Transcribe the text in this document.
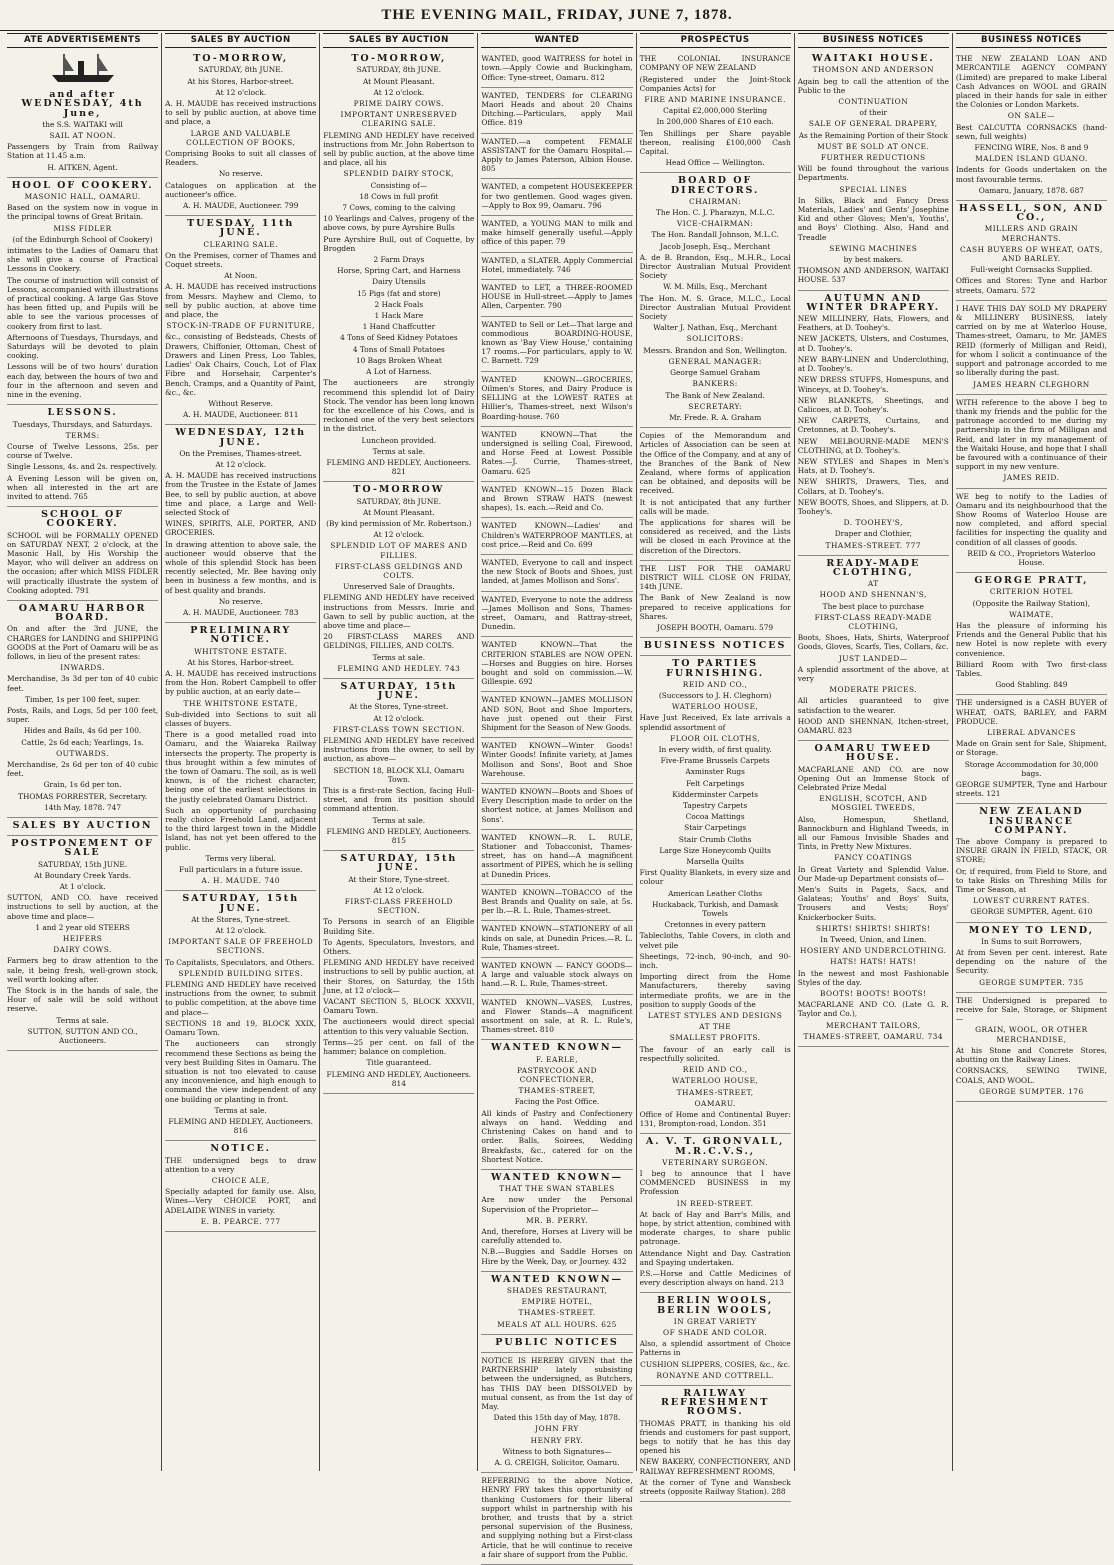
THE EVENING MAIL, FRIDAY, JUNE 7, 1878.
ATE ADVERTISEMENTS

and after WEDNESDAY, 4th June,

the S.S. WAITAKI will

SAIL AT NOON.

Passengers by Train from Railway Station at 11.45 a.m.

H. AITKEN, Agent.

HOOL OF COOKERY.

MASONIC HALL, OAMARU.

Based on the system now in vogue in the principal towns of Great Britain.

MISS FIDLER

(of the Edinburgh School of Cookery)

intimates to the Ladies of Oamaru that she will give a course of Practical Lessons in Cookery.

The course of instruction will consist of Lessons, accompanied with illustrations of practical cooking. A large Gas Stove has been fitted up, and Pupils will be able to see the various processes of cookery from first to last.

Afternoons of Tuesdays, Thursdays, and Saturdays will be devoted to plain cooking.

Lessons will be of two hours' duration each day, between the hours of two and four in the afternoon and seven and nine in the evening.

LESSONS.

Tuesdays, Thursdays, and Saturdays.

TERMS:

Course of Twelve Lessons, 25s. per course of Twelve.

Single Lessons, 4s. and 2s. respectively.

A Evening Lesson will be given on, when all interested in the art are invited to attend. 765

SCHOOL OF COOKERY.

SCHOOL will be FORMALLY OPENED on SATURDAY NEXT, 2 o'clock, at the Masonic Hall, by His Worship the Mayor, who will deliver an address on the occasion; after which MISS FIDLER will practically illustrate the system of Cooking adopted. 791

OAMARU HARBOR BOARD.

On and after the 3rd JUNE, the CHARGES for LANDING and SHIPPING GOODS at the Port of Oamaru will be as follows, in lieu of the present rates:

INWARDS.

Merchandise, 3s 3d per ton of 40 cubic feet.

Timber, 1s per 100 feet, super.

Posts, Rails, and Logs, 5d per 100 feet, super.

Hides and Bails, 4s 6d per 100.

Cattle, 2s 6d each; Yearlings, 1s.

OUTWARDS.

Merchandise, 2s 6d per ton of 40 cubic feet.

Grain, 1s 6d per ton.

THOMAS FORRESTER, Secretary.

14th May, 1878. 747

SALES BY AUCTION

POSTPONEMENT OF SALE

SATURDAY, 15th JUNE.

At Boundary Creek Yards.

At 1 o'clock.

SUTTON, AND CO. have received instructions to sell by auction, at the above time and place—

1 and 2 year old STEERS

HEIFERS

DAIRY COWS.

Farmers beg to draw attention to the sale, it being fresh, well-grown stock, well worth looking after.

The Stock is in the hands of sale, the Hour of sale will be sold without reserve.

Terms at sale.

SUTTON, SUTTON AND CO., Auctioneers.

SALES BY AUCTION

TO-MORROW,

SATURDAY, 8th JUNE.

At his Stores, Harbor-street.

At 12 o'clock.

A. H. MAUDE has received instructions to sell by public auction, at above time and place, a

LARGE AND VALUABLE COLLECTION OF BOOKS,

Comprising Books to suit all classes of Readers.

No reserve.

Catalogues on application at the auctioneer's office.

A. H. MAUDE, Auctioneer. 799

TUESDAY, 11th JUNE.

CLEARING SALE.

On the Premises, corner of Thames and Coquet streets.

At Noon.

A. H. MAUDE has received instructions from Messrs. Mayhew and Clemo, to sell by public auction, at above time and place, the

STOCK-IN-TRADE OF FURNITURE,

&c., consisting of Bedsteads, Chests of Drawers, Chiffonier, Ottoman, Chest of Drawers and Linen Press, Loo Tables, Ladies' Oak Chairs, Couch, Lot of Flax Fibre and Horsehair, Carpenter's Bench, Cramps, and a Quantity of Paint, &c., &c.

Without Reserve.

A. H. MAUDE, Auctioneer. 811

WEDNESDAY, 12th JUNE.

On the Premises, Thames-street.

At 12 o'clock.

A. H. MAUDE has received instructions from the Trustee in the Estate of James Bee, to sell by public auction, at above time and place, a Large and Well-selected Stock of

WINES, SPIRITS, ALE, PORTER, AND GROCERIES.

In drawing attention to above sale, the auctioneer would observe that the whole of this splendid Stock has been recently selected, Mr. Bee having only been in business a few months, and is of best quality and brands.

No reserve.

A. H. MAUDE, Auctioneer. 783

PRELIMINARY NOTICE.

WHITSTONE ESTATE.

At his Stores, Harbor-street.

A. H. MAUDE has received instructions from the Hon. Robert Campbell to offer by public auction, at an early date—

THE WHITSTONE ESTATE,

Sub-divided into Sections to suit all classes of buyers.

There is a good metalled road into Oamaru, and the Waiareka Railway intersects the property. The property is thus brought within a few minutes of the town of Oamaru. The soil, as is well known, is of the richest character, being one of the earliest selections in the justly celebrated Oamaru District.

Such an opportunity of purchasing really choice Freehold Land, adjacent to the third largest town in the Middle Island, has not yet been offered to the public.

Terms very liberal.

Full particulars in a future issue.

A. H. MAUDE. 740

SATURDAY, 15th JUNE.

At the Stores, Tyne-street.

At 12 o'clock.

IMPORTANT SALE OF FREEHOLD SECTIONS.

To Capitalists, Speculators, and Others.

SPLENDID BUILDING SITES.

FLEMING AND HEDLEY have received instructions from the owner, to submit to public competition, at the above time and place—

SECTIONS 18 and 19, BLOCK XXIX, Oamaru Town.

The auctioneers can strongly recommend these Sections as being the very best Building Sites in Oamaru. The situation is not too elevated to cause any inconvenience, and high enough to command the view independent of any one building or planting in front.

Terms at sale.

FLEMING AND HEDLEY, Auctioneers. 816

NOTICE.

THE undersigned begs to draw attention to a very

CHOICE ALE,

Specially adapted for family use. Also, Wines—Very CHOICE PORT, and ADELAIDE WINES in variety.

E. B. PEARCE. 777

SALES BY AUCTION

TO-MORROW,

SATURDAY, 8th JUNE.

At Mount Pleasant.

At 12 o'clock.

PRIME DAIRY COWS.

IMPORTANT UNRESERVED CLEARING SALE.

FLEMING AND HEDLEY have received instructions from Mr. John Robertson to sell by public auction, at the above time and place, all his

SPLENDID DAIRY STOCK,

Consisting of—

18 Cows in full profit

7 Cows, coming to the calving

10 Yearlings and Calves, progeny of the above cows, by pure Ayrshire Bulls

Pure Ayrshire Bull, out of Coquette, by Brogden

2 Farm Drays

Horse, Spring Cart, and Harness

Dairy Utensils

15 Pigs (fat and store)

2 Hack Foals

1 Hack Mare

1 Hand Chaffcutter

4 Tons of Seed Kidney Potatoes

4 Tons of Small Potatoes

10 Bags Broken Wheat

A Lot of Harness.

The auctioneers are strongly recommend this splendid lot of Dairy Stock. The vendor has been long known for the excellence of his Cows, and is reckoned one of the very best selectors in the district.

Luncheon provided.

Terms at sale.

FLEMING AND HEDLEY, Auctioneers. 821

TO-MORROW

SATURDAY, 8th JUNE.

At Mount Pleasant.

(By kind permission of Mr. Robertson.)

At 12 o'clock.

SPLENDID LOT OF MARES AND FILLIES.

FIRST-CLASS GELDINGS AND COLTS.

Unreserved Sale of Draughts.

FLEMING AND HEDLEY have received instructions from Messrs. Imrie and Gawn to sell by public auction, at the above time and place—

20 FIRST-CLASS MARES AND GELDINGS, FILLIES, AND COLTS.

Terms at sale.

FLEMING AND HEDLEY. 743

SATURDAY, 15th JUNE.

At the Stores, Tyne-street.

At 12 o'clock.

FIRST-CLASS TOWN SECTION.

FLEMING AND HEDLEY have received instructions from the owner, to sell by auction, as above—

SECTION 18, BLOCK XLI, Oamaru Town.

This is a first-rate Section, facing Hull-street, and from its position should command attention.

Terms at sale.

FLEMING AND HEDLEY, Auctioneers. 815

SATURDAY, 15th JUNE.

At their Store, Tyne-street.

At 12 o'clock.

FIRST-CLASS FREEHOLD SECTION.

To Persons in search of an Eligible Building Site.

To Agents, Speculators, Investors, and Others.

FLEMING AND HEDLEY have received instructions to sell by public auction, at their Stores, on Saturday, the 15th June, at 12 o'clock—

VACANT SECTION 5, BLOCK XXXVII, Oamaru Town.

The auctioneers would direct special attention to this very valuable Section.

Terms—25 per cent. on fall of the hammer; balance on completion.

Title guaranteed.

FLEMING AND HEDLEY, Auctioneers. 814

WANTED

WANTED, good WAITRESS for hotel in town.—Apply Cowie and Buckingham, Office: Tyne-street, Oamaru. 812

WANTED, TENDERS for CLEARING Maori Heads and about 20 Chains Ditching.—Particulars, apply Mail Office. 819

WANTED.—a competent FEMALE ASSISTANT for the Oamaru Hospital.—Apply to James Paterson, Albion House. 805

WANTED, a competent HOUSEKEEPER for two gentlemen. Good wages given.—Apply to Box 99, Oamaru. 796

WANTED, a YOUNG MAN to milk and make himself generally useful.—Apply office of this paper. 79

WANTED, a SLATER. Apply Commercial Hotel, immediately. 746

WANTED to LET, a THREE-ROOMED HOUSE in Hull-street.—Apply to James Allen, Carpenter. 790

WANTED to Sell or Let—That large and commodious BOARDING-HOUSE, known as 'Bay View House,' containing 17 rooms.—For particulars, apply to W. C. Barnett. 729

WANTED KNOWN—GROCERIES, Oilmen's Stores, and Dairy Produce is SELLING at the LOWEST RATES at Hillier's, Thames-street, next Wilson's Boarding-house. 760

WANTED KNOWN—That the undersigned is selling Coal, Firewood, and Horse Feed at Lowest Possible Rates.—J. Currie, Thames-street, Oamaru. 625

WANTED KNOWN—15 Dozen Black and Brown STRAW HATS (newest shapes), 1s. each.—Reid and Co.

WANTED KNOWN—Ladies' and Children's WATERPROOF MANTLES, at cost price.—Reid and Co. 699

WANTED, Everyone to call and inspect the new Stock of Boots and Shoes, just landed, at James Mollison and Sons'.

WANTED, Everyone to note the address—James Mollison and Sons, Thames-street, Oamaru, and Rattray-street, Dunedin.

WANTED KNOWN—That the CRITERION STABLES are NOW OPEN.—Horses and Buggies on hire. Horses bought and sold on commission.—W. Gillespie. 692

WANTED KNOWN—JAMES MOLLISON AND SON, Boot and Shoe Importers, have just opened out their First Shipment for the Season of New Goods.

WANTED KNOWN—Winter Goods! Winter Goods! Infinite variety, at James Mollison and Sons', Boot and Shoe Warehouse.

WANTED KNOWN—Boots and Shoes of Every Description made to order on the shortest notice, at James Mollison and Sons'.

WANTED KNOWN—R. L. RULE, Stationer and Tobacconist, Thames-street, has on hand—A magnificent assortment of PIPES, which he is selling at Dunedin Prices.

WANTED KNOWN—TOBACCO of the Best Brands and Quality on sale, at 5s. per lb.—R. L. Rule, Thames-street.

WANTED KNOWN—STATIONERY of all kinds on sale, at Dunedin Prices.—R. L. Rule, Thames-street.

WANTED KNOWN — FANCY GOODS—A large and valuable stock always on hand.—R. L. Rule, Thames-street.

WANTED KNOWN—VASES, Lustres, and Flower Stands—A magnificent assortment on sale, at R. L. Rule's, Thames-street. 810

WANTED KNOWN—

F. EARLE,

PASTRYCOOK AND CONFECTIONER,

THAMES-STREET,

Facing the Post Office.

All kinds of Pastry and Confectionery always on hand. Wedding and Christening Cakes on hand and to order. Balls, Soirees, Wedding Breakfasts, &c., catered for on the Shortest Notice.

WANTED KNOWN—

THAT THE SWAN STABLES

Are now under the Personal Supervision of the Proprietor—

MR. B. PERRY.

And, therefore, Horses at Livery will be carefully attended to.

N.B.—Buggies and Saddle Horses on Hire by the Week, Day, or Journey. 432

WANTED KNOWN—

SHADES RESTAURANT,

EMPIRE HOTEL,

THAMES-STREET.

MEALS AT ALL HOURS. 625

PUBLIC NOTICES

NOTICE IS HEREBY GIVEN that the PARTNERSHIP lately subsisting between the undersigned, as Butchers, has THIS DAY been DISSOLVED by mutual consent, as from the 1st day of May.

Dated this 15th day of May, 1878.

JOHN FRY

HENRY FRY.

Witness to both Signatures—

A. G. CREIGH, Solicitor, Oamaru.

REFERRING to the above Notice, HENRY FRY takes this opportunity of thanking Customers for their liberal support whilst in partnership with his brother, and trusts that by a strict personal supervision of the Business, and supplying nothing but a First-class Article, that he will continue to receive a fair share of support from the Public.

PROSPECTUS

THE COLONIAL INSURANCE COMPANY OF NEW ZEALAND

(Registered under the Joint-Stock Companies Acts) for

FIRE AND MARINE INSURANCE.

Capital £2,000,000 Sterling

In 200,000 Shares of £10 each.

Ten Shillings per Share payable thereon, realising £100,000 Cash Capital.

Head Office — Wellington.

BOARD OF DIRECTORS.

CHAIRMAN:

The Hon. C. J. Pharazyn, M.L.C.

VICE-CHAIRMAN:

The Hon. Randall Johnson, M.L.C.

Jacob Joseph, Esq., Merchant

A. de B. Brandon, Esq., M.H.R., Local Director Australian Mutual Provident Society

W. M. Mills, Esq., Merchant

The Hon. M. S. Grace, M.L.C., Local Director Australian Mutual Provident Society

Walter J. Nathan, Esq., Merchant

SOLICITORS:

Messrs. Brandon and Son, Wellington.

GENERAL MANAGER:

George Samuel Graham

BANKERS:

The Bank of New Zealand.

SECRETARY:

Mr. Frede. R. A. Graham

Copies of the Memorandum and Articles of Association can be seen at the Office of the Company, and at any of the Branches of the Bank of New Zealand, where forms of application can be obtained, and deposits will be received.

It is not anticipated that any further calls will be made.

The applications for shares will be considered as received, and the Lists will be closed in each Province at the discretion of the Directors.

THE LIST FOR THE OAMARU DISTRICT WILL CLOSE ON FRIDAY, 14th JUNE.

The Bank of New Zealand is now prepared to receive applications for Shares.

JOSEPH BOOTH, Oamaru. 579

BUSINESS NOTICES

TO PARTIES FURNISHING.

REID AND CO.,

(Successors to J. H. Cleghorn)

WATERLOO HOUSE,

Have Just Received, Ex late arrivals a splendid assortment of

FLOOR OIL CLOTHS,

In every width, of first quality.

Five-Frame Brussels Carpets

Axminster Rugs

Felt Carpetings

Kidderminster Carpets

Tapestry Carpets

Cocoa Mattings

Stair Carpetings

Stair Crumb Cloths

Large Size Honeycomb Quilts

Marsella Quilts

First Quality Blankets, in every size and colour

American Leather Cloths

Huckaback, Turkish, and Damask Towels

Cretonnes in every pattern

Tablecloths, Table Covers, in cloth and velvet pile

Sheetings, 72-inch, 90-inch, and 90-inch.

Importing direct from the Home Manufacturers, thereby saving intermediate profits, we are in the position to supply Goods of the

LATEST STYLES AND DESIGNS

AT THE

SMALLEST PROFITS.

The favour of an early call is respectfully solicited.

REID AND CO.,

WATERLOO HOUSE,

THAMES-STREET,

OAMARU.

Office of Home and Continental Buyer: 131, Brompton-road, London. 351

A. V. T. GRONVALL, M.R.C.V.S.,

VETERINARY SURGEON.

I beg to announce that I have COMMENCED BUSINESS in my Profession

IN REED-STREET.

At back of Hay and Barr's Mills, and hope, by strict attention, combined with moderate charges, to share public patronage.

Attendance Night and Day. Castration and Spaying undertaken.

P.S.—Horse and Cattle Medicines of every description always on hand. 213

BERLIN WOOLS, BERLIN WOOLS,

IN GREAT VARIETY

OF SHADE AND COLOR.

Also, a splendid assortment of Choice Patterns in

CUSHION SLIPPERS, COSIES, &c., &c.

RONAYNE AND COTTRELL.

RAILWAY REFRESHMENT ROOMS.

THOMAS PRATT, in thanking his old friends and customers for past support, begs to notify that he has this day opened his

NEW BAKERY, CONFECTIONERY, AND RAILWAY REFRESHMENT ROOMS,

At the corner of Tyne and Wansbeck streets (opposite Railway Station). 288

BUSINESS NOTICES

WAITAKI HOUSE.

THOMSON AND ANDERSON

Again beg to call the attention of the Public to the

CONTINUATION

of their

SALE OF GENERAL DRAPERY,

As the Remaining Portion of their Stock

MUST BE SOLD AT ONCE.

FURTHER REDUCTIONS

Will be found throughout the various Departments.

SPECIAL LINES

In Silks, Black and Fancy Dress Materials, Ladies' and Gents' Josephine Kid and other Gloves; Men's, Youths', and Boys' Clothing. Also, Hand and Treadle

SEWING MACHINES

by best makers.

THOMSON AND ANDERSON, WAITAKI HOUSE. 537

AUTUMN AND WINTER DRAPERY.

NEW MILLINERY, Hats, Flowers, and Feathers, at D. Toohey's.

NEW JACKETS, Ulsters, and Costumes, at D. Toohey's.

NEW BABY-LINEN and Underclothing, at D. Toohey's.

NEW DRESS STUFFS, Homespuns, and Winceys, at D. Toohey's.

NEW BLANKETS, Sheetings, and Calicoes, at D. Toohey's.

NEW CARPETS, Curtains, and Cretonnes, at D. Toohey's.

NEW MELBOURNE-MADE MEN'S CLOTHING, at D. Toohey's.

NEW STYLES and Shapes in Men's Hats, at D. Toohey's.

NEW SHIRTS, Drawers, Ties, and Collars, at D. Toohey's.

NEW BOOTS, Shoes, and Slippers, at D. Toohey's.

D. TOOHEY'S,

Draper and Clothier,

THAMES-STREET. 777

READY-MADE CLOTHING,

AT

HOOD AND SHENNAN'S,

The best place to purchase

FIRST-CLASS READY-MADE CLOTHING,

Boots, Shoes, Hats, Shirts, Waterproof Goods, Gloves, Scarfs, Ties, Collars, &c.

JUST LANDED—

A splendid assortment of the above, at very

MODERATE PRICES.

All articles guaranteed to give satisfaction to the wearer.

HOOD AND SHENNAN, Itchen-street, OAMARU. 823

OAMARU TWEED HOUSE.

MACFARLANE AND CO. are now Opening Out an Immense Stock of Celebrated Prize Medal

ENGLISH, SCOTCH, AND MOSGIEL TWEEDS,

Also, Homespun, Shetland, Bannockburn and Highland Tweeds, in all our Famous Invisible Shades and Tints, in Pretty New Mixtures.

FANCY COATINGS

In Great Variety and Splendid Value. Our Made-up Department consists of—

Men's Suits in Pagets, Sacs, and Galateas; Youths' and Boys' Suits, Trousers and Vests; Boys' Knickerbocker Suits.

SHIRTS! SHIRTS! SHIRTS!

In Tweed, Union, and Linen.

HOSIERY AND UNDERCLOTHING.

HATS! HATS! HATS!

In the newest and most Fashionable Styles of the day.

BOOTS! BOOTS! BOOTS!

MACFARLANE AND CO. (Late G. R. Taylor and Co.),

MERCHANT TAILORS,

THAMES-STREET, OAMARU. 734

BUSINESS NOTICES

THE NEW ZEALAND LOAN AND MERCANTILE AGENCY COMPANY (Limited) are prepared to make Liberal Cash Advances on WOOL and GRAIN placed in their hands for sale in either the Colonies or London Markets.

ON SALE—

Best CALCUTTA CORNSACKS (hand-sewn, full weights)

FENCING WIRE, Nos. 8 and 9

MALDEN ISLAND GUANO.

Indents for Goods undertaken on the most favourable terms.

Oamaru, January, 1878. 687

HASSELL, SON, AND CO.,

MILLERS AND GRAIN MERCHANTS.

CASH BUYERS OF WHEAT, OATS, AND BARLEY.

Full-weight Cornsacks Supplied.

Offices and Stores: Tyne and Harbor streets, Oamaru. 572

I HAVE THIS DAY SOLD MY DRAPERY & MILLINERY BUSINESS, lately carried on by me at Waterloo House, Thames-street, Oamaru, to Mr. JAMES REID (formerly of Milligan and Reid), for whom I solicit a continuance of the support and patronage accorded to me so liberally during the past.

JAMES HEARN CLEGHORN

WITH reference to the above I beg to thank my friends and the public for the patronage accorded to me during my partnership in the firm of Milligan and Reid, and later in my management of the Waitaki House, and hope that I shall be favoured with a continuance of their support in my new venture.

JAMES REID.

WE beg to notify to the Ladies of Oamaru and its neighbourhood that the Show Rooms of Waterloo House are now completed, and afford special facilities for inspecting the quality and condition of all classes of goods.

REID & CO., Proprietors Waterloo House.

GEORGE PRATT,

CRITERION HOTEL

(Opposite the Railway Station),

WAIMATE,

Has the pleasure of informing his Friends and the General Public that his new Hotel is now replete with every convenience.

Billiard Room with Two first-class Tables.

Good Stabling. 849

THE undersigned is a CASH BUYER of WHEAT, OATS, BARLEY, and FARM PRODUCE.

LIBERAL ADVANCES

Made on Grain sent for Sale, Shipment, or Storage.

Storage Accommodation for 30,000 bags.

GEORGE SUMPTER, Tyne and Harbour streets. 121

NEW ZEALAND INSURANCE COMPANY.

The above Company is prepared to INSURE GRAIN IN FIELD, STACK, OR STORE;

Or, if required, from Field to Store, and to take Risks on Threshing Mills for Time or Season, at

LOWEST CURRENT RATES.

GEORGE SUMPTER, Agent. 610

MONEY TO LEND,

In Sums to suit Borrowers,

At from Seven per cent. interest. Rate depending on the nature of the Security.

GEORGE SUMPTER. 735

THE Undersigned is prepared to receive for Sale, Storage, or Shipment—

GRAIN, WOOL, OR OTHER MERCHANDISE,

At his Stone and Concrete Stores, abutting on the Railway Lines.

CORNSACKS, SEWING TWINE, COALS, AND WOOL.

GEORGE SUMPTER. 176
